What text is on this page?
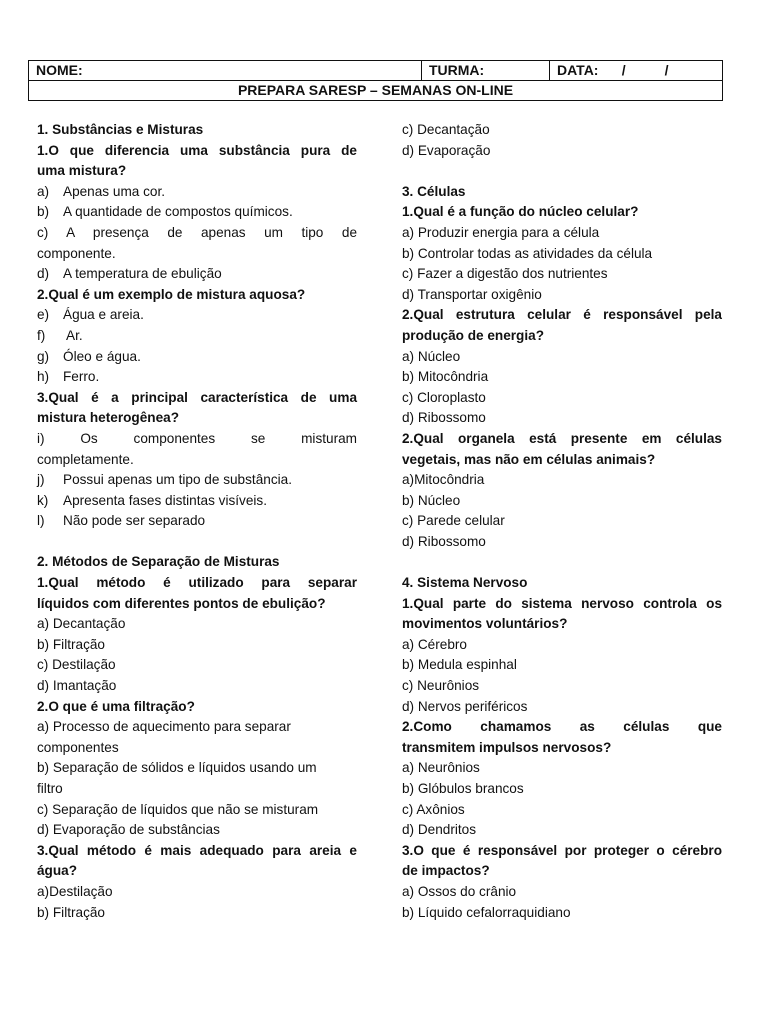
NOME:	TURMA:	DATA:      /          /
PREPARA SARESP – SEMANAS ON-LINE
1. Substâncias e Misturas
1.O que diferencia uma substância pura de
uma mistura?
a)	Apenas uma cor.
b)	A quantidade de compostos químicos.
c) A presença de apenas um tipo de
componente.
d)	A temperatura de ebulição
2.Qual é um exemplo de mistura aquosa?
e)	Água e areia.
f)	Ar.
g)	Óleo e água.
h)	Ferro.
3.Qual é a principal característica de uma
mistura heterogênea?
i) Os componentes se misturam
completamente.
j)	Possui apenas um tipo de substância.
k)	Apresenta fases distintas visíveis.
l)	Não pode ser separado
2. Métodos de Separação de Misturas
1.Qual método é utilizado para separar
líquidos com diferentes pontos de ebulição?
a) Decantação
b) Filtração
c) Destilação
d) Imantação
2.O que é uma filtração?
a) Processo de aquecimento para separar
componentes
b) Separação de sólidos e líquidos usando um
filtro
c) Separação de líquidos que não se misturam
d) Evaporação de substâncias
3.Qual método é mais adequado para areia e
água?
a)Destilação
b) Filtração
c) Decantação
d) Evaporação
3. Células
1.Qual é a função do núcleo celular?
a) Produzir energia para a célula
b) Controlar todas as atividades da célula
c) Fazer a digestão dos nutrientes
d) Transportar oxigênio
2.Qual estrutura celular é responsável pela
produção de energia?
a) Núcleo
b) Mitocôndria
c) Cloroplasto
d) Ribossomo
2.Qual organela está presente em células
vegetais, mas não em células animais?
a)Mitocôndria
b) Núcleo
c) Parede celular
d) Ribossomo
4. Sistema Nervoso
1.Qual parte do sistema nervoso controla os
movimentos voluntários?
a) Cérebro
b) Medula espinhal
c) Neurônios
d) Nervos periféricos
2.Como chamamos as células que
transmitem impulsos nervosos?
a) Neurônios
b) Glóbulos brancos
c) Axônios
d) Dendritos
3.O que é responsável por proteger o cérebro
de impactos?
a) Ossos do crânio
b) Líquido cefalorraquidiano
